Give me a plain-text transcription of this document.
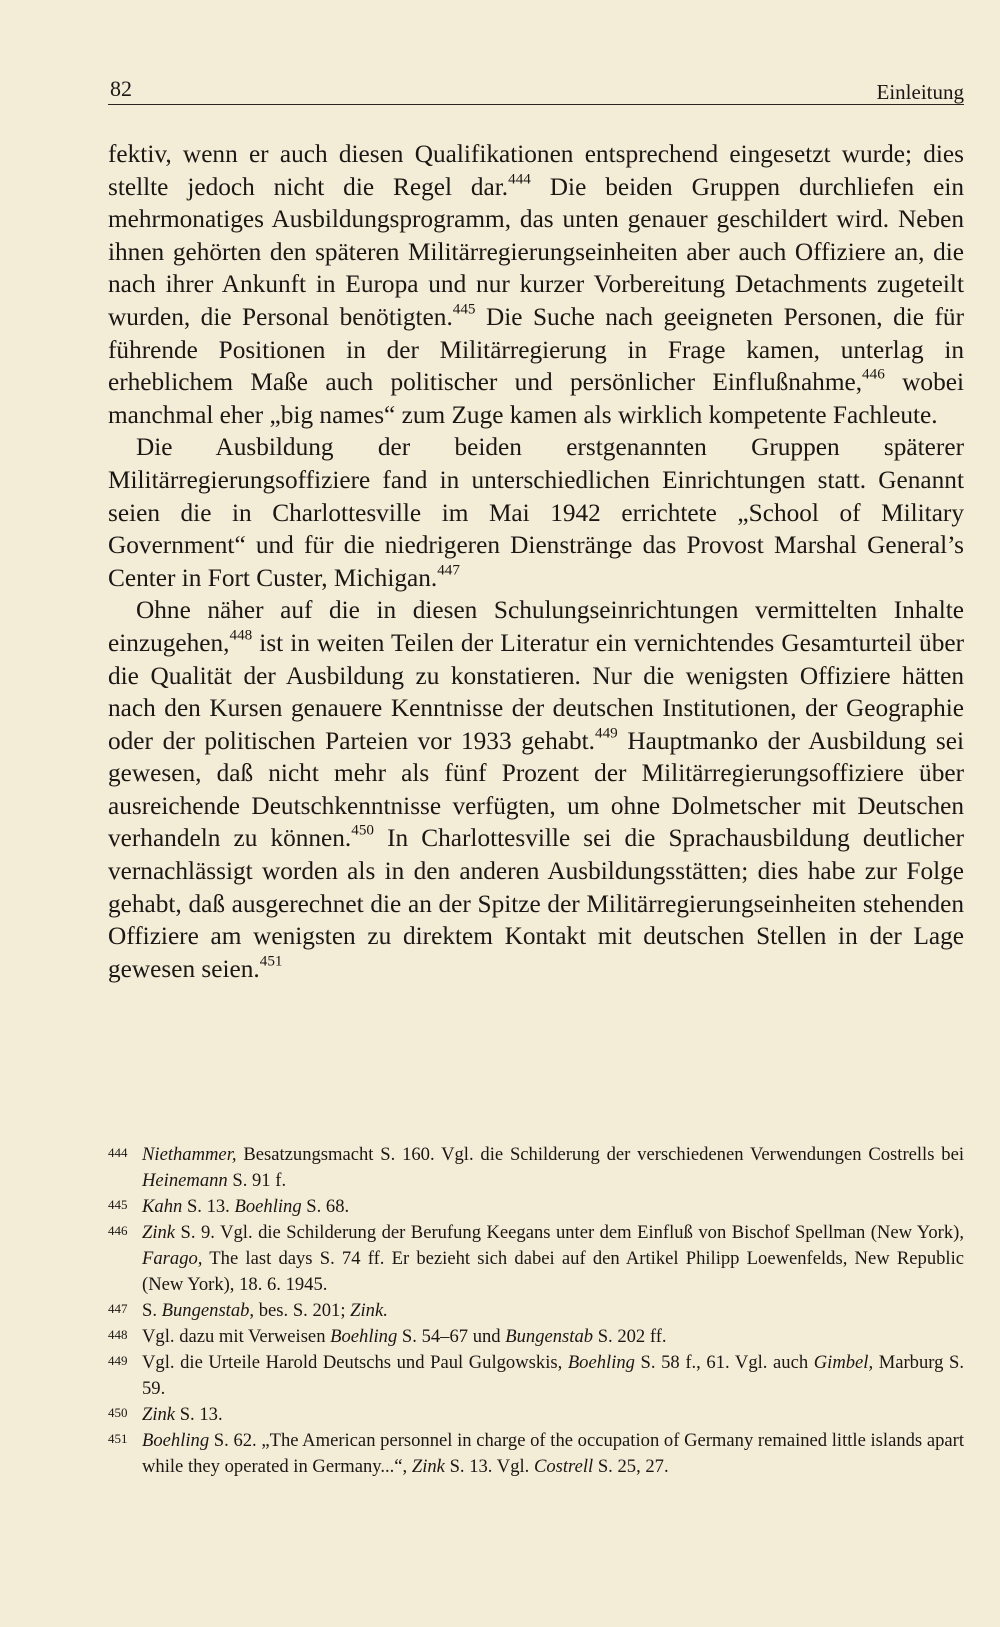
82	Einleitung

fektiv, wenn er auch diesen Qualifikationen entsprechend eingesetzt wurde; dies stellte jedoch nicht die Regel dar.$^{444}$ Die beiden Gruppen durchliefen ein mehrmonatiges Ausbildungsprogramm, das unten genauer geschildert wird. Neben ihnen gehörten den späteren Militärregierungseinheiten aber auch Offiziere an, die nach ihrer Ankunft in Europa und nur kurzer Vorbereitung Detachments zugeteilt wurden, die Personal benötigten.$^{445}$ Die Suche nach geeigneten Personen, die für führende Positionen in der Militärregierung in Frage kamen, unterlag in erheblichem Maße auch politischer und persönlicher Einflußnahme,$^{446}$ wobei manchmal eher „big names“ zum Zuge kamen als wirklich kompetente Fachleute.

Die Ausbildung der beiden erstgenannten Gruppen späterer Militärregierungsoffiziere fand in unterschiedlichen Einrichtungen statt. Genannt seien die in Charlottesville im Mai 1942 errichtete „School of Military Government“ und für die niedrigeren Dienstränge das Provost Marshal General’s Center in Fort Custer, Michigan.$^{447}$

Ohne näher auf die in diesen Schulungseinrichtungen vermittelten Inhalte einzugehen,$^{448}$ ist in weiten Teilen der Literatur ein vernichtendes Gesamturteil über die Qualität der Ausbildung zu konstatieren. Nur die wenigsten Offiziere hätten nach den Kursen genauere Kenntnisse der deutschen Institutionen, der Geographie oder der politischen Parteien vor 1933 gehabt.$^{449}$ Hauptmanko der Ausbildung sei gewesen, daß nicht mehr als fünf Prozent der Militärregierungsoffiziere über ausreichende Deutschkenntnisse verfügten, um ohne Dolmetscher mit Deutschen verhandeln zu können.$^{450}$ In Charlottesville sei die Sprachausbildung deutlicher vernachlässigt worden als in den anderen Ausbildungsstätten; dies habe zur Folge gehabt, daß ausgerechnet die an der Spitze der Militärregierungseinheiten stehenden Offiziere am wenigsten zu direktem Kontakt mit deutschen Stellen in der Lage gewesen seien.$^{451}$

444 Niethammer, Besatzungsmacht S. 160. Vgl. die Schilderung der verschiedenen Verwendungen Costrells bei Heinemann S. 91 f.
445 Kahn S. 13. Boehling S. 68.
446 Zink S. 9. Vgl. die Schilderung der Berufung Keegans unter dem Einfluß von Bischof Spellman (New York), Farago, The last days S. 74 ff. Er bezieht sich dabei auf den Artikel Philipp Loewenfelds, New Republic (New York), 18. 6. 1945.
447 S. Bungenstab, bes. S. 201; Zink.
448 Vgl. dazu mit Verweisen Boehling S. 54–67 und Bungenstab S. 202 ff.
449 Vgl. die Urteile Harold Deutschs und Paul Gulgowskis, Boehling S. 58 f., 61. Vgl. auch Gimbel, Marburg S. 59.
450 Zink S. 13.
451 Boehling S. 62. „The American personnel in charge of the occupation of Germany remained little islands apart while they operated in Germany...“, Zink S. 13. Vgl. Costrell S. 25, 27.
